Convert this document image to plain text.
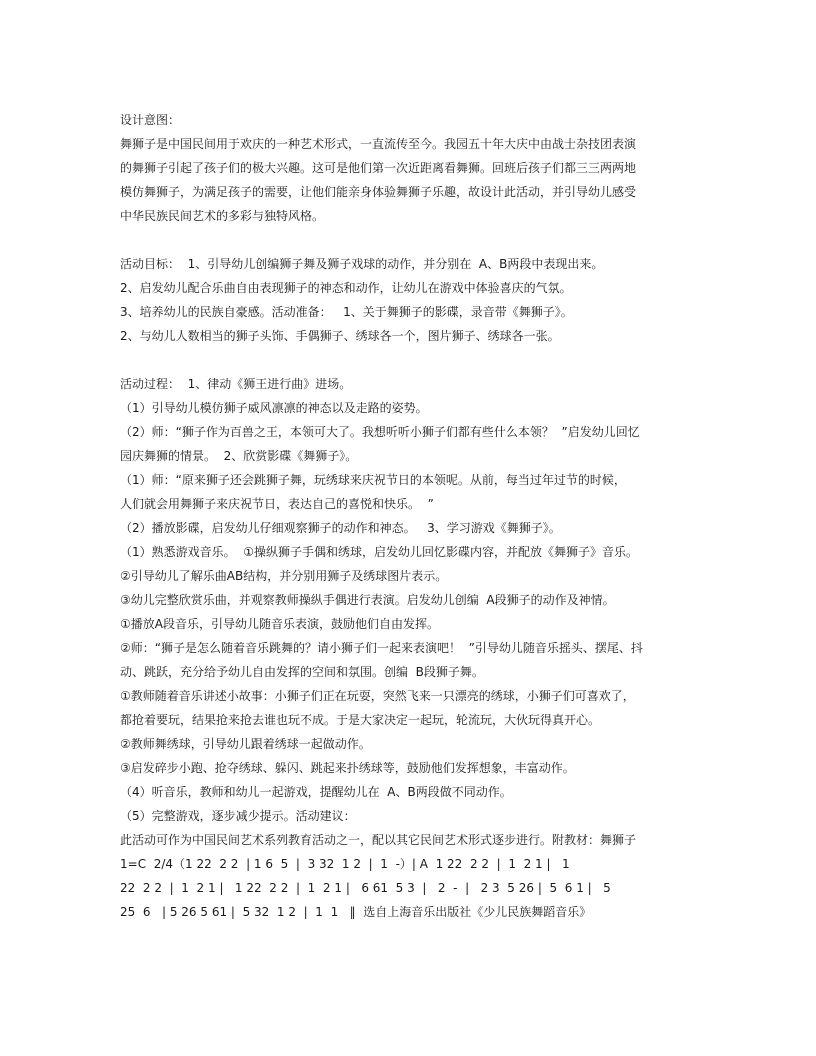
设计意图：
舞狮子是中国民间用于欢庆的一种艺术形式，一直流传至今。我园五十年大庆中由战士杂技团表演
的舞狮子引起了孩子们的极大兴趣。这可是他们第一次近距离看舞狮。回班后孩子们都三三两两地
模仿舞狮子，为满足孩子的需要，让他们能亲身体验舞狮子乐趣，故设计此活动，并引导幼儿感受
中华民族民间艺术的多彩与独特风格。
活动目标：  1、引导幼儿创编狮子舞及狮子戏球的动作，并分别在  A、B两段中表现出来。
2、启发幼儿配合乐曲自由表现狮子的神态和动作，让幼儿在游戏中体验喜庆的气氛。
3、培养幼儿的民族自豪感。活动准备：   1、关于舞狮子的影碟，录音带《舞狮子》。
2、与幼儿人数相当的狮子头饰、手偶狮子、绣球各一个，图片狮子、绣球各一张。
活动过程：  1、律动《狮王进行曲》进场。
（1）引导幼儿模仿狮子威风凛凛的神态以及走路的姿势。
（2）师：“狮子作为百兽之王，本领可大了。我想听听小狮子们都有些什么本领？  ”启发幼儿回忆
园庆舞狮的情景。  2、欣赏影碟《舞狮子》。
（1）师：“原来狮子还会跳狮子舞，玩绣球来庆祝节日的本领呢。从前，每当过年过节的时候，
人们就会用舞狮子来庆祝节日，表达自己的喜悦和快乐。  ”
（2）播放影碟，启发幼儿仔细观察狮子的动作和神态。   3、学习游戏《舞狮子》。
（1）熟悉游戏音乐。  ①操纵狮子手偶和绣球，启发幼儿回忆影碟内容，并配放《舞狮子》音乐。
②引导幼儿了解乐曲AB结构，并分别用狮子及绣球图片表示。
③幼儿完整欣赏乐曲，并观察教师操纵手偶进行表演。启发幼儿创编  A段狮子的动作及神情。
①播放A段音乐，引导幼儿随音乐表演，鼓励他们自由发挥。
②师：“狮子是怎么随着音乐跳舞的？请小狮子们一起来表演吧！  ”引导幼儿随音乐摇头、摆尾、抖
动、跳跃，充分给予幼儿自由发挥的空间和氛围。创编  B段狮子舞。
①教师随着音乐讲述小故事：小狮子们正在玩耍，突然飞来一只漂亮的绣球，小狮子们可喜欢了，
都抢着要玩，结果抢来抢去谁也玩不成。于是大家决定一起玩，轮流玩，大伙玩得真开心。
②教师舞绣球，引导幼儿跟着绣球一起做动作。
③启发碎步小跑、抢夺绣球、躲闪、跳起来扑绣球等，鼓励他们发挥想象，丰富动作。
（4）听音乐，教师和幼儿一起游戏，提醒幼儿在  A、B两段做不同动作。
（5）完整游戏，逐步减少提示。活动建议：
此活动可作为中国民间艺术系列教育活动之一，配以其它民间艺术形式逐步进行。附教材：舞狮子
1=C  2/4（1 22  2 2  | 1 6  5  |  3 32  1 2  |  1  -）| A  1 22  2 2  |  1  2 1 |   1
22  2 2  |  1  2 1 |   1 22  2 2  |  1  2 1 |   6 61  5 3  |   2  -  |   2 3  5 26 |  5  6 1 |   5
25  6   | 5 26 5 61 |  5 32  1 2  |  1  1   ‖  选自上海音乐出版社《少儿民族舞蹈音乐》
